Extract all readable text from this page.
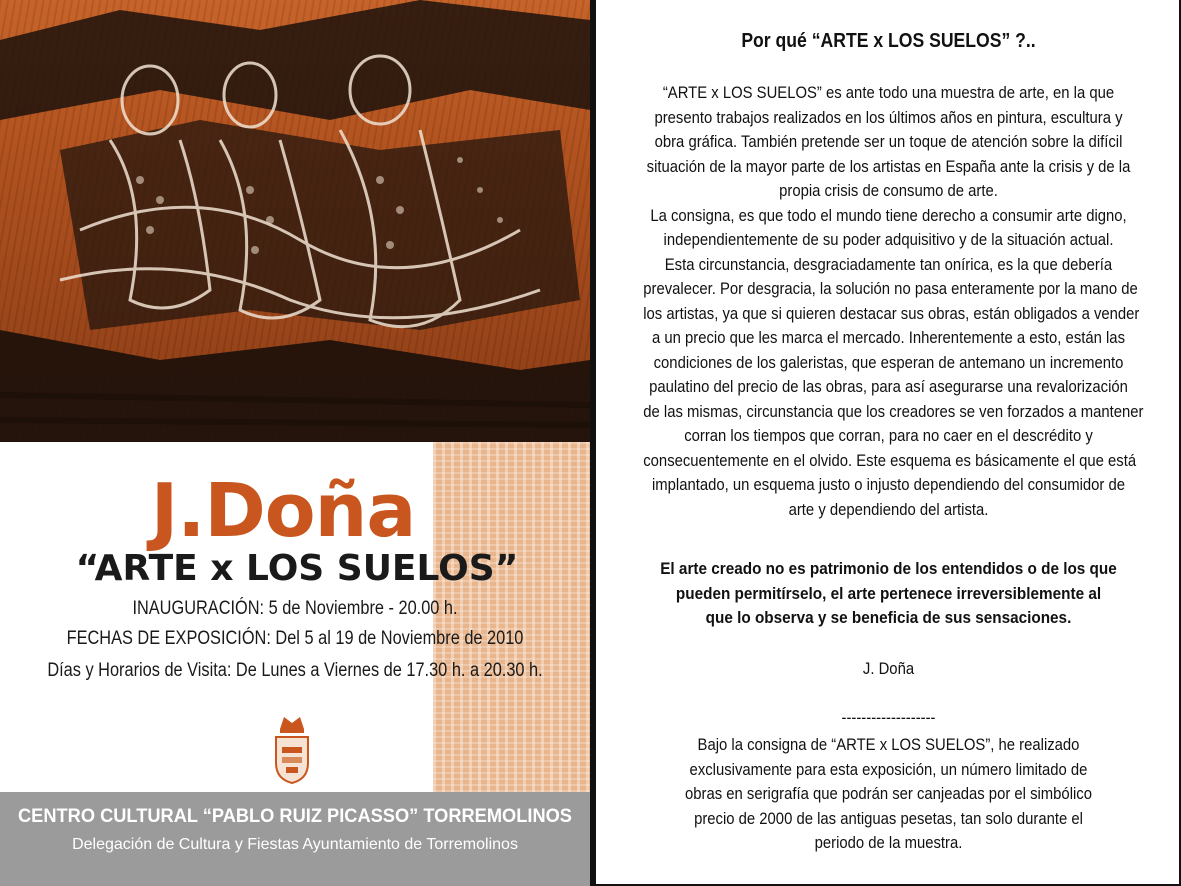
J.Doña
“ARTE x LOS SUELOS”
INAUGURACIÓN: 5 de Noviembre - 20.00 h.
FECHAS DE EXPOSICIÓN: Del 5 al 19 de Noviembre de 2010
Días y Horarios de Visita: De Lunes a Viernes de 17.30 h. a 20.30 h.
CENTRO CULTURAL “PABLO RUIZ PICASSO” TORREMOLINOS
Delegación de Cultura y Fiestas Ayuntamiento de Torremolinos
Por qué “ARTE x LOS SUELOS” ?..
“ARTE x LOS SUELOS” es ante todo una muestra de arte, en la que
presento trabajos realizados en los últimos años en pintura, escultura y
obra gráfica. También pretende ser un toque de atención sobre la difícil
situación de la mayor parte de los artistas en España ante la crisis y de la
propia crisis de consumo de arte.
La consigna, es que todo el mundo tiene derecho a consumir arte digno,
independientemente de su poder adquisitivo y de la situación actual.
Esta circunstancia, desgraciadamente tan onírica, es la que debería
prevalecer. Por desgracia, la solución no pasa enteramente por la mano de
los artistas, ya que si quieren destacar sus obras, están obligados a vender
a un precio que les marca el mercado. Inherentemente a esto, están las
condiciones de los galeristas, que esperan de antemano un incremento
paulatino del precio de las obras, para así asegurarse una revalorización
de las mismas, circunstancia que los creadores se ven forzados a mantener
corran los tiempos que corran, para no caer en el descrédito y
consecuentemente en el olvido. Este esquema es básicamente el que está
implantado, un esquema justo o injusto dependiendo del consumidor de
arte y dependiendo del artista.
El arte creado no es patrimonio de los entendidos o de los que
pueden permitírselo, el arte pertenece irreversiblemente al
que lo observa y se beneficia de sus sensaciones.
J. Doña
-------------------
Bajo la consigna de “ARTE x LOS SUELOS”, he realizado
exclusivamente para esta exposición, un número limitado de
obras en serigrafía que podrán ser canjeadas por el simbólico
precio de 2000 de las antiguas pesetas, tan solo durante el
periodo de la muestra.
